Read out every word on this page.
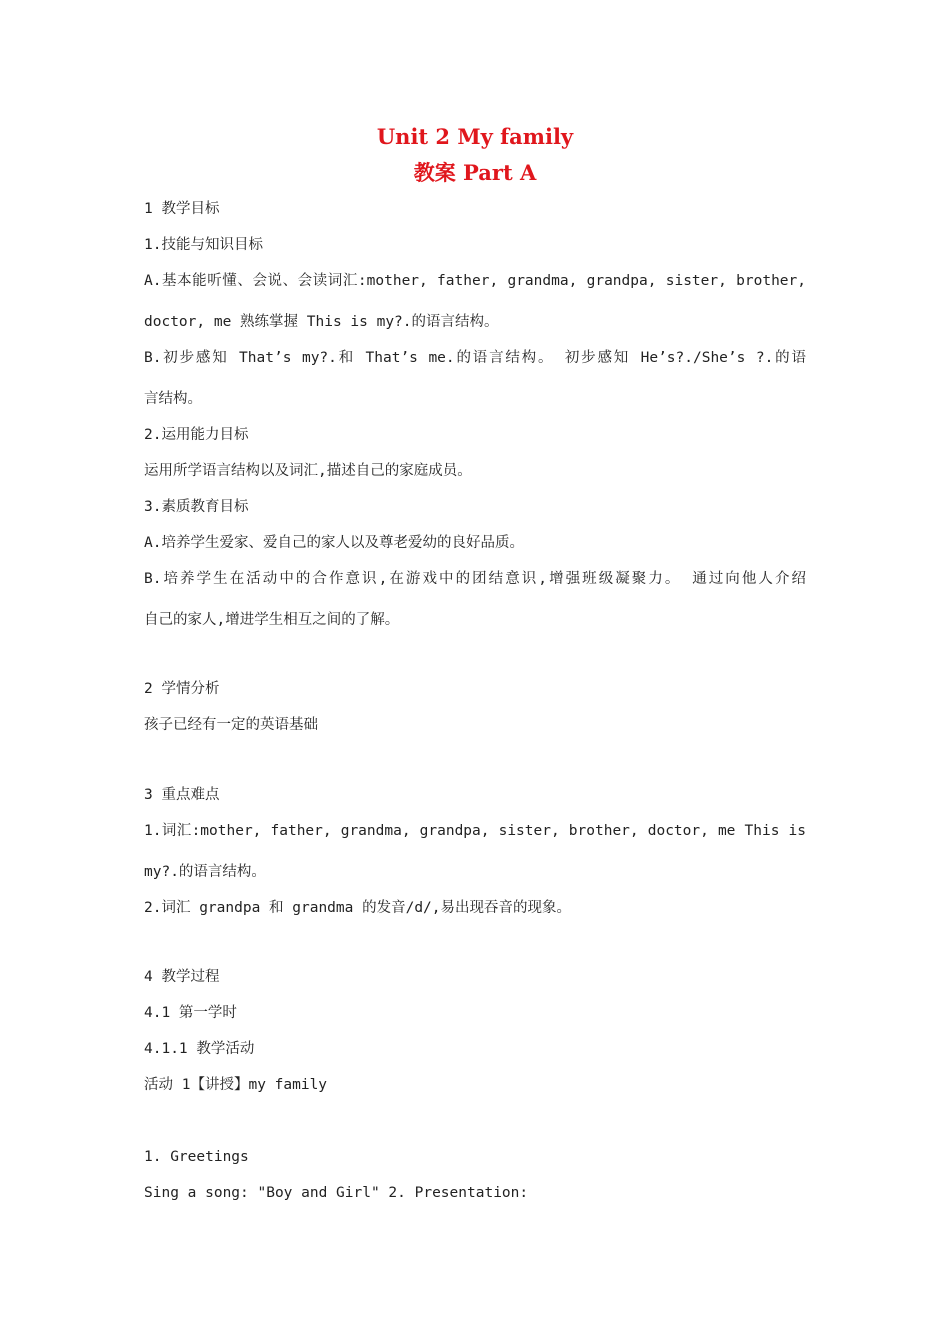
Unit 2 My family
教案 Part A
1 教学目标
1.技能与知识目标
A.基本能听懂、会说、会读词汇:mother, father, grandma, grandpa, sister, brother,
doctor, me 熟练掌握 This is my?.的语言结构。
B.初步感知 That’s my?.和 That’s me.的语言结构。 初步感知 He’s?./She’s ?.的语
言结构。
2.运用能力目标
运用所学语言结构以及词汇,描述自己的家庭成员。
3.素质教育目标
A.培养学生爱家、爱自己的家人以及尊老爱幼的良好品质。
B.培养学生在活动中的合作意识,在游戏中的团结意识,增强班级凝聚力。 通过向他人介绍
自己的家人,增进学生相互之间的了解。
2 学情分析
孩子已经有一定的英语基础
3 重点难点
1.词汇:mother, father, grandma, grandpa, sister, brother, doctor, me This is
my?.的语言结构。
2.词汇 grandpa 和 grandma 的发音/d/,易出现吞音的现象。
4 教学过程
4.1 第一学时
4.1.1 教学活动
活动 1【讲授】my family
1. Greetings
Sing a song: "Boy and Girl" 2. Presentation:
